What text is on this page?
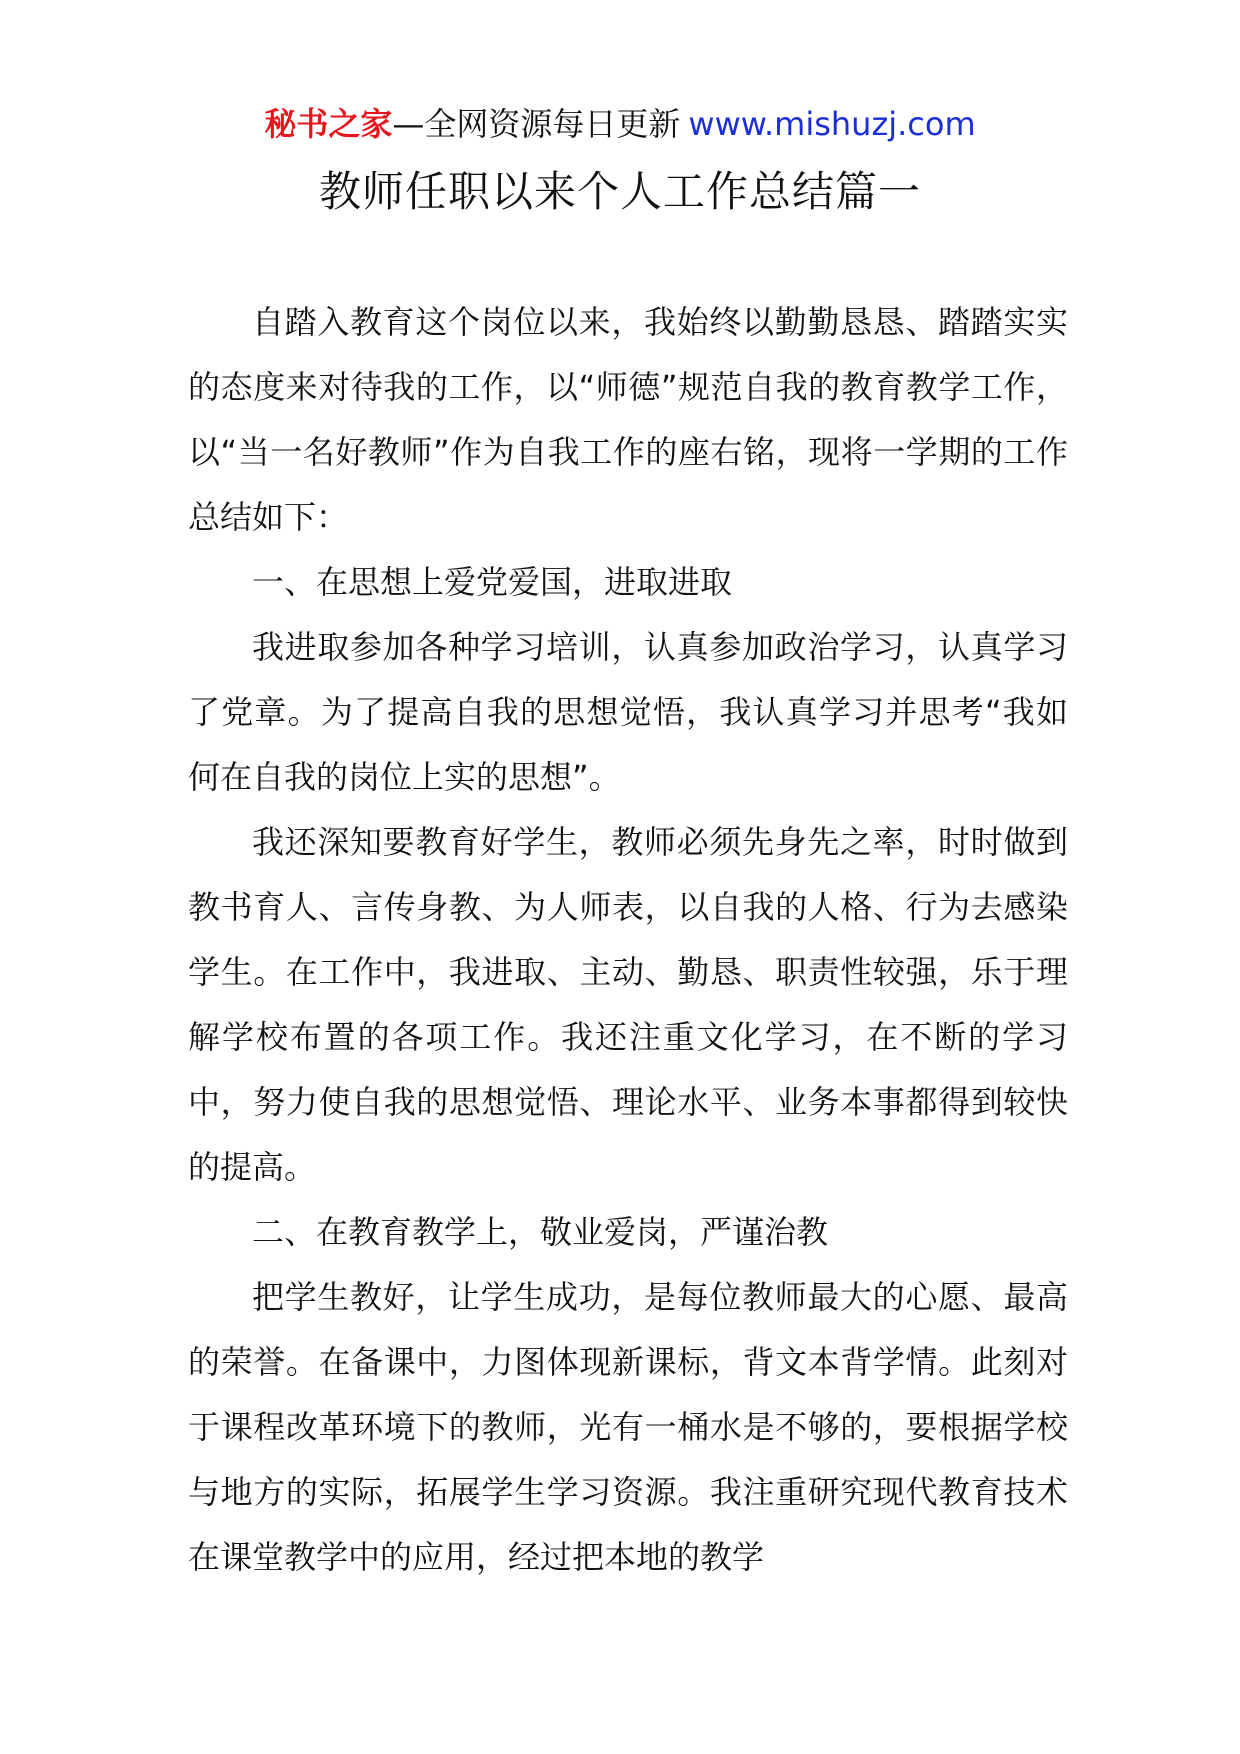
秘书之家—全网资源每日更新 www.mishuzj.com
教师任职以来个人工作总结篇一

自踏入教育这个岗位以来，我始终以勤勤恳恳、踏踏实实的态度来对待我的工作，以“师德”规范自我的教育教学工作，以“当一名好教师”作为自我工作的座右铭，现将一学期的工作总结如下：

一、在思想上爱党爱国，进取进取

我进取参加各种学习培训，认真参加政治学习，认真学习了党章。为了提高自我的思想觉悟，我认真学习并思考“我如何在自我的岗位上实的思想”。

我还深知要教育好学生，教师必须先身先之率，时时做到教书育人、言传身教、为人师表，以自我的人格、行为去感染学生。在工作中，我进取、主动、勤恳、职责性较强，乐于理解学校布置的各项工作。我还注重文化学习，在不断的学习中，努力使自我的思想觉悟、理论水平、业务本事都得到较快的提高。

二、在教育教学上，敬业爱岗，严谨治教

把学生教好，让学生成功，是每位教师最大的心愿、最高的荣誉。在备课中，力图体现新课标，背文本背学情。此刻对于课程改革环境下的教师，光有一桶水是不够的，要根据学校与地方的实际，拓展学生学习资源。我注重研究现代教育技术在课堂教学中的应用，经过把本地的教学
